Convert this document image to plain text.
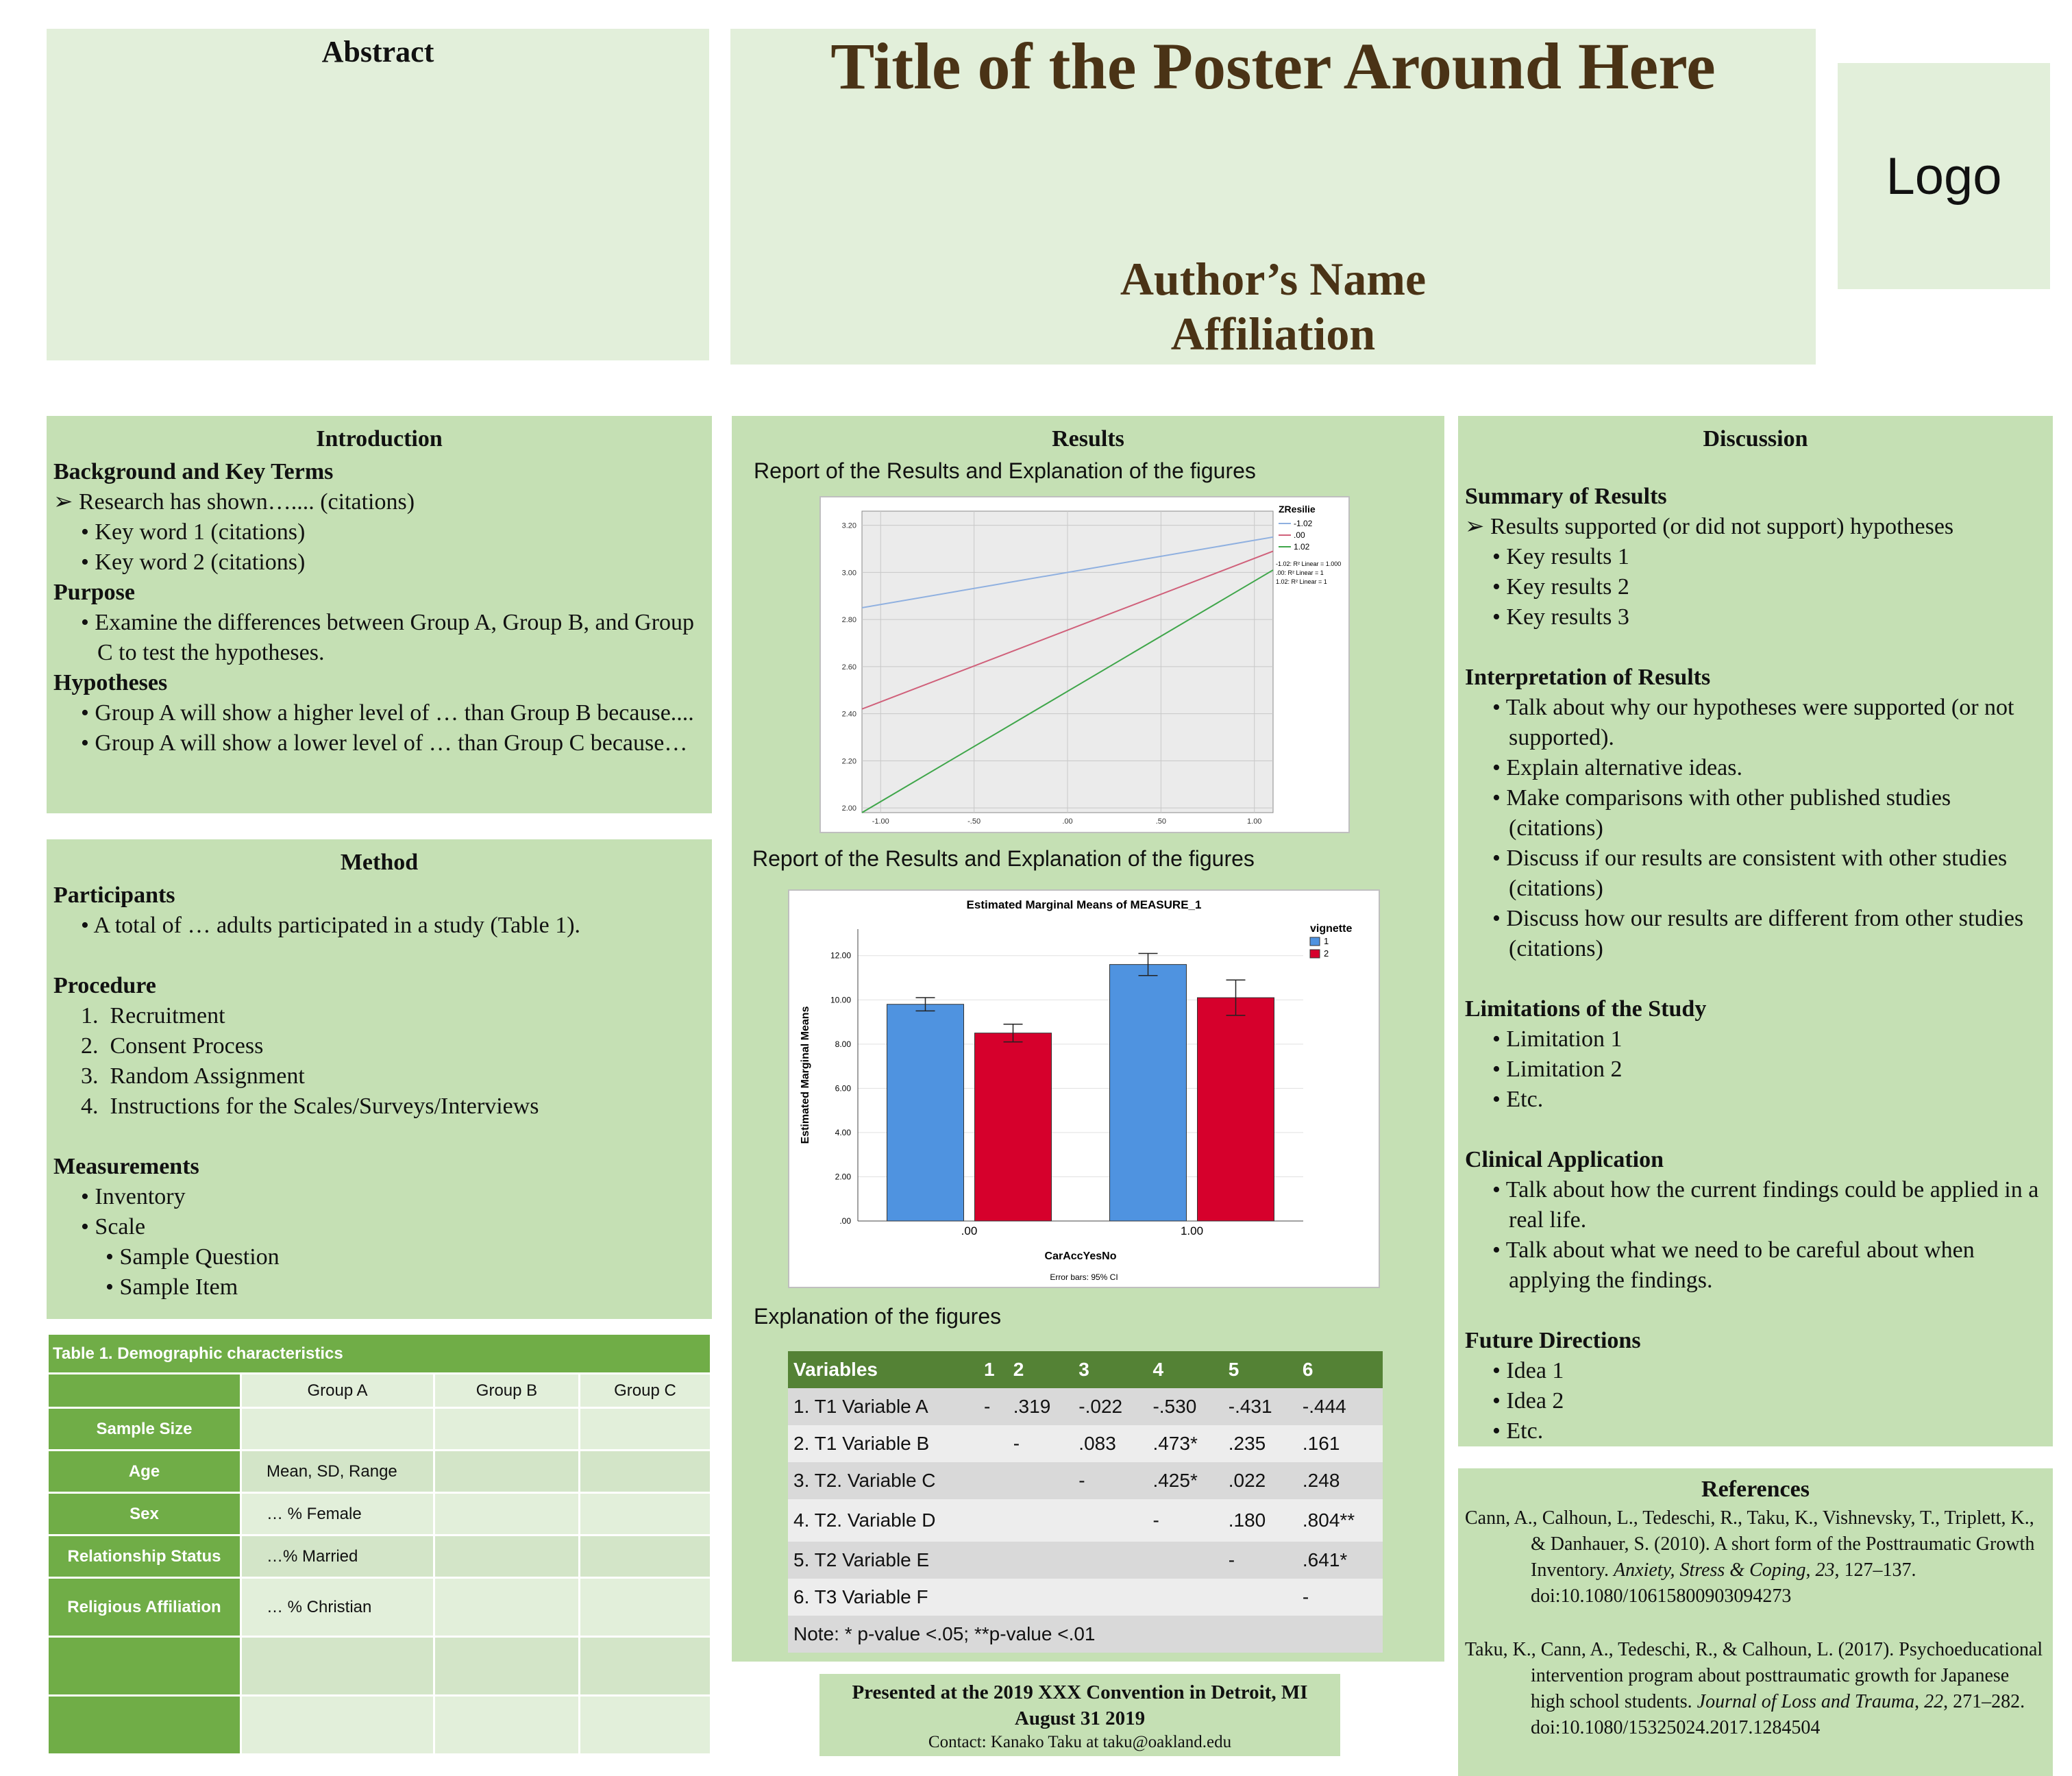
Abstract	Title of the Poster Around Here

Author’s Name

Affiliation

Logo

Introduction

Background and Key Terms

➢ Research has shown….... (citations)

• Key word 1 (citations)

• Key word 2 (citations)

Purpose

• Examine the differences between Group A, Group B, and Group C to test the hypotheses.

Hypotheses

• Group A will show a higher level of … than Group B because....

• Group A will show a lower level of … than Group C because…

Method

Participants

• A total of … adults participated in a study (Table 1).

Procedure

1.  Recruitment

2.  Consent Process

3.  Random Assignment

4.  Instructions for the Scales/Surveys/Interviews

Measurements

• Inventory

• Scale

• Sample Question

• Sample Item

Table 1. Demographic characteristics			
	Group A	Group B	Group C
Sample Size			
Age	Mean, SD, Range		
Sex	… % Female		
Relationship Status	…% Married		
Religious Affiliation	… % Christian		

Results

Report of the Results and Explanation of the figures

Report of the Results and Explanation of the figures

Explanation of the figures

Variables	1	2	3	4	5	6
1. T1 Variable A	-	.319	-.022	-.530	-.431	-.444
2. T1 Variable B		-	.083	.473*	.235	.161
3. T2. Variable C			-	.425*	.022	.248
4. T2. Variable D				-	.180	.804**
5. T2 Variable E					-	.641*
6. T3 Variable F						-
Note: * p-value <.05; **p-value <.01						
2.00
2.20
2.40
2.60
2.80
3.00
3.20
-1.00	-.50	.00	.50	1.00
ZResilie
-1.02
.00
1.02
-1.02: R² Linear = 1.000
.00: R² Linear = 1
1.02: R² Linear = 1
Estimated Marginal Means of MEASURE_1
.00
2.00
4.00
6.00
8.00
10.00
12.00
.00	1.00
CarAccYesNo
Estimated Marginal Means
Error bars: 95% CI
vignette
1
2

Presented at the 2019 XXX Convention in Detroit, MI

August 31 2019

Contact: Kanako Taku at taku@oakland.edu

Discussion

Summary of Results

➢ Results supported (or did not support) hypotheses

• Key results 1

• Key results 2

• Key results 3

Interpretation of Results

• Talk about why our hypotheses were supported (or not supported).

• Explain alternative ideas.

• Make comparisons with other published studies (citations)

• Discuss if our results are consistent with other studies (citations)

• Discuss how our results are different from other studies (citations)

Limitations of the Study

• Limitation 1

• Limitation 2

• Etc.

Clinical Application

• Talk about how the current findings could be applied in a real life.

• Talk about what we need to be careful about when applying the findings.

Future Directions

• Idea 1

• Idea 2

• Etc.

References

Cann, A., Calhoun, L., Tedeschi, R., Taku, K., Vishnevsky, T., Triplett, K., & Danhauer, S. (2010). A short form of the Posttraumatic Growth Inventory. Anxiety, Stress & Coping, 23, 127–137. doi:10.1080/10615800903094273

Taku, K., Cann, A., Tedeschi, R., & Calhoun, L. (2017). Psychoeducational intervention program about posttraumatic growth for Japanese high school students. Journal of Loss and Trauma, 22, 271–282. doi:10.1080/15325024.2017.1284504
